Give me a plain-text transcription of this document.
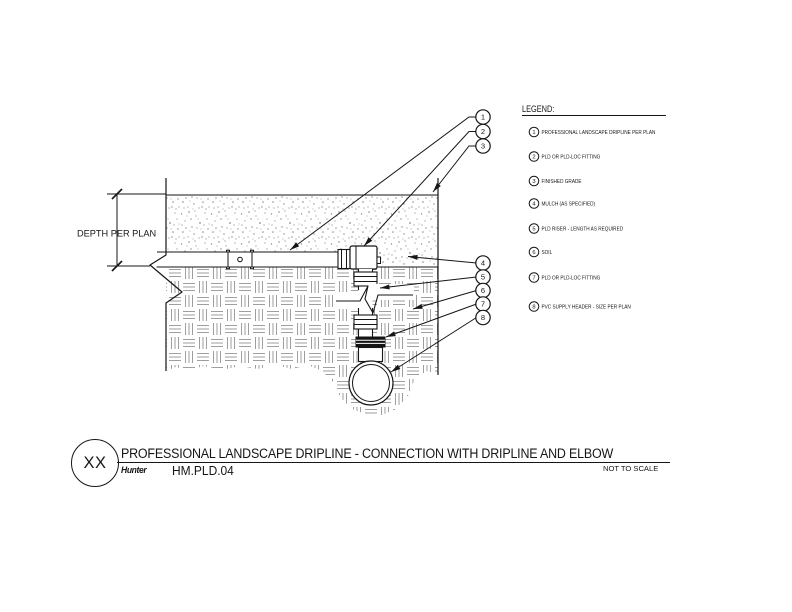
DEPTH PER PLAN
1
2
3
4
5
6
7
8
LEGEND:
1 PROFESSIONAL LANDSCAPE DRIPLINE PER PLAN
2 PLD OR PLD-LOC FITTING
3 FINISHED GRADE
4 MULCH (AS SPECIFIED)
5 PLD RISER - LENGTH AS REQUIRED
6 SOIL
7 PLD OR PLD-LOC FITTING
8 PVC SUPPLY HEADER - SIZE PER PLAN
XX PROFESSIONAL LANDSCAPE DRIPLINE - CONNECTION WITH DRIPLINE AND ELBOW
Hunter HM.PLD.04	NOT TO SCALE
